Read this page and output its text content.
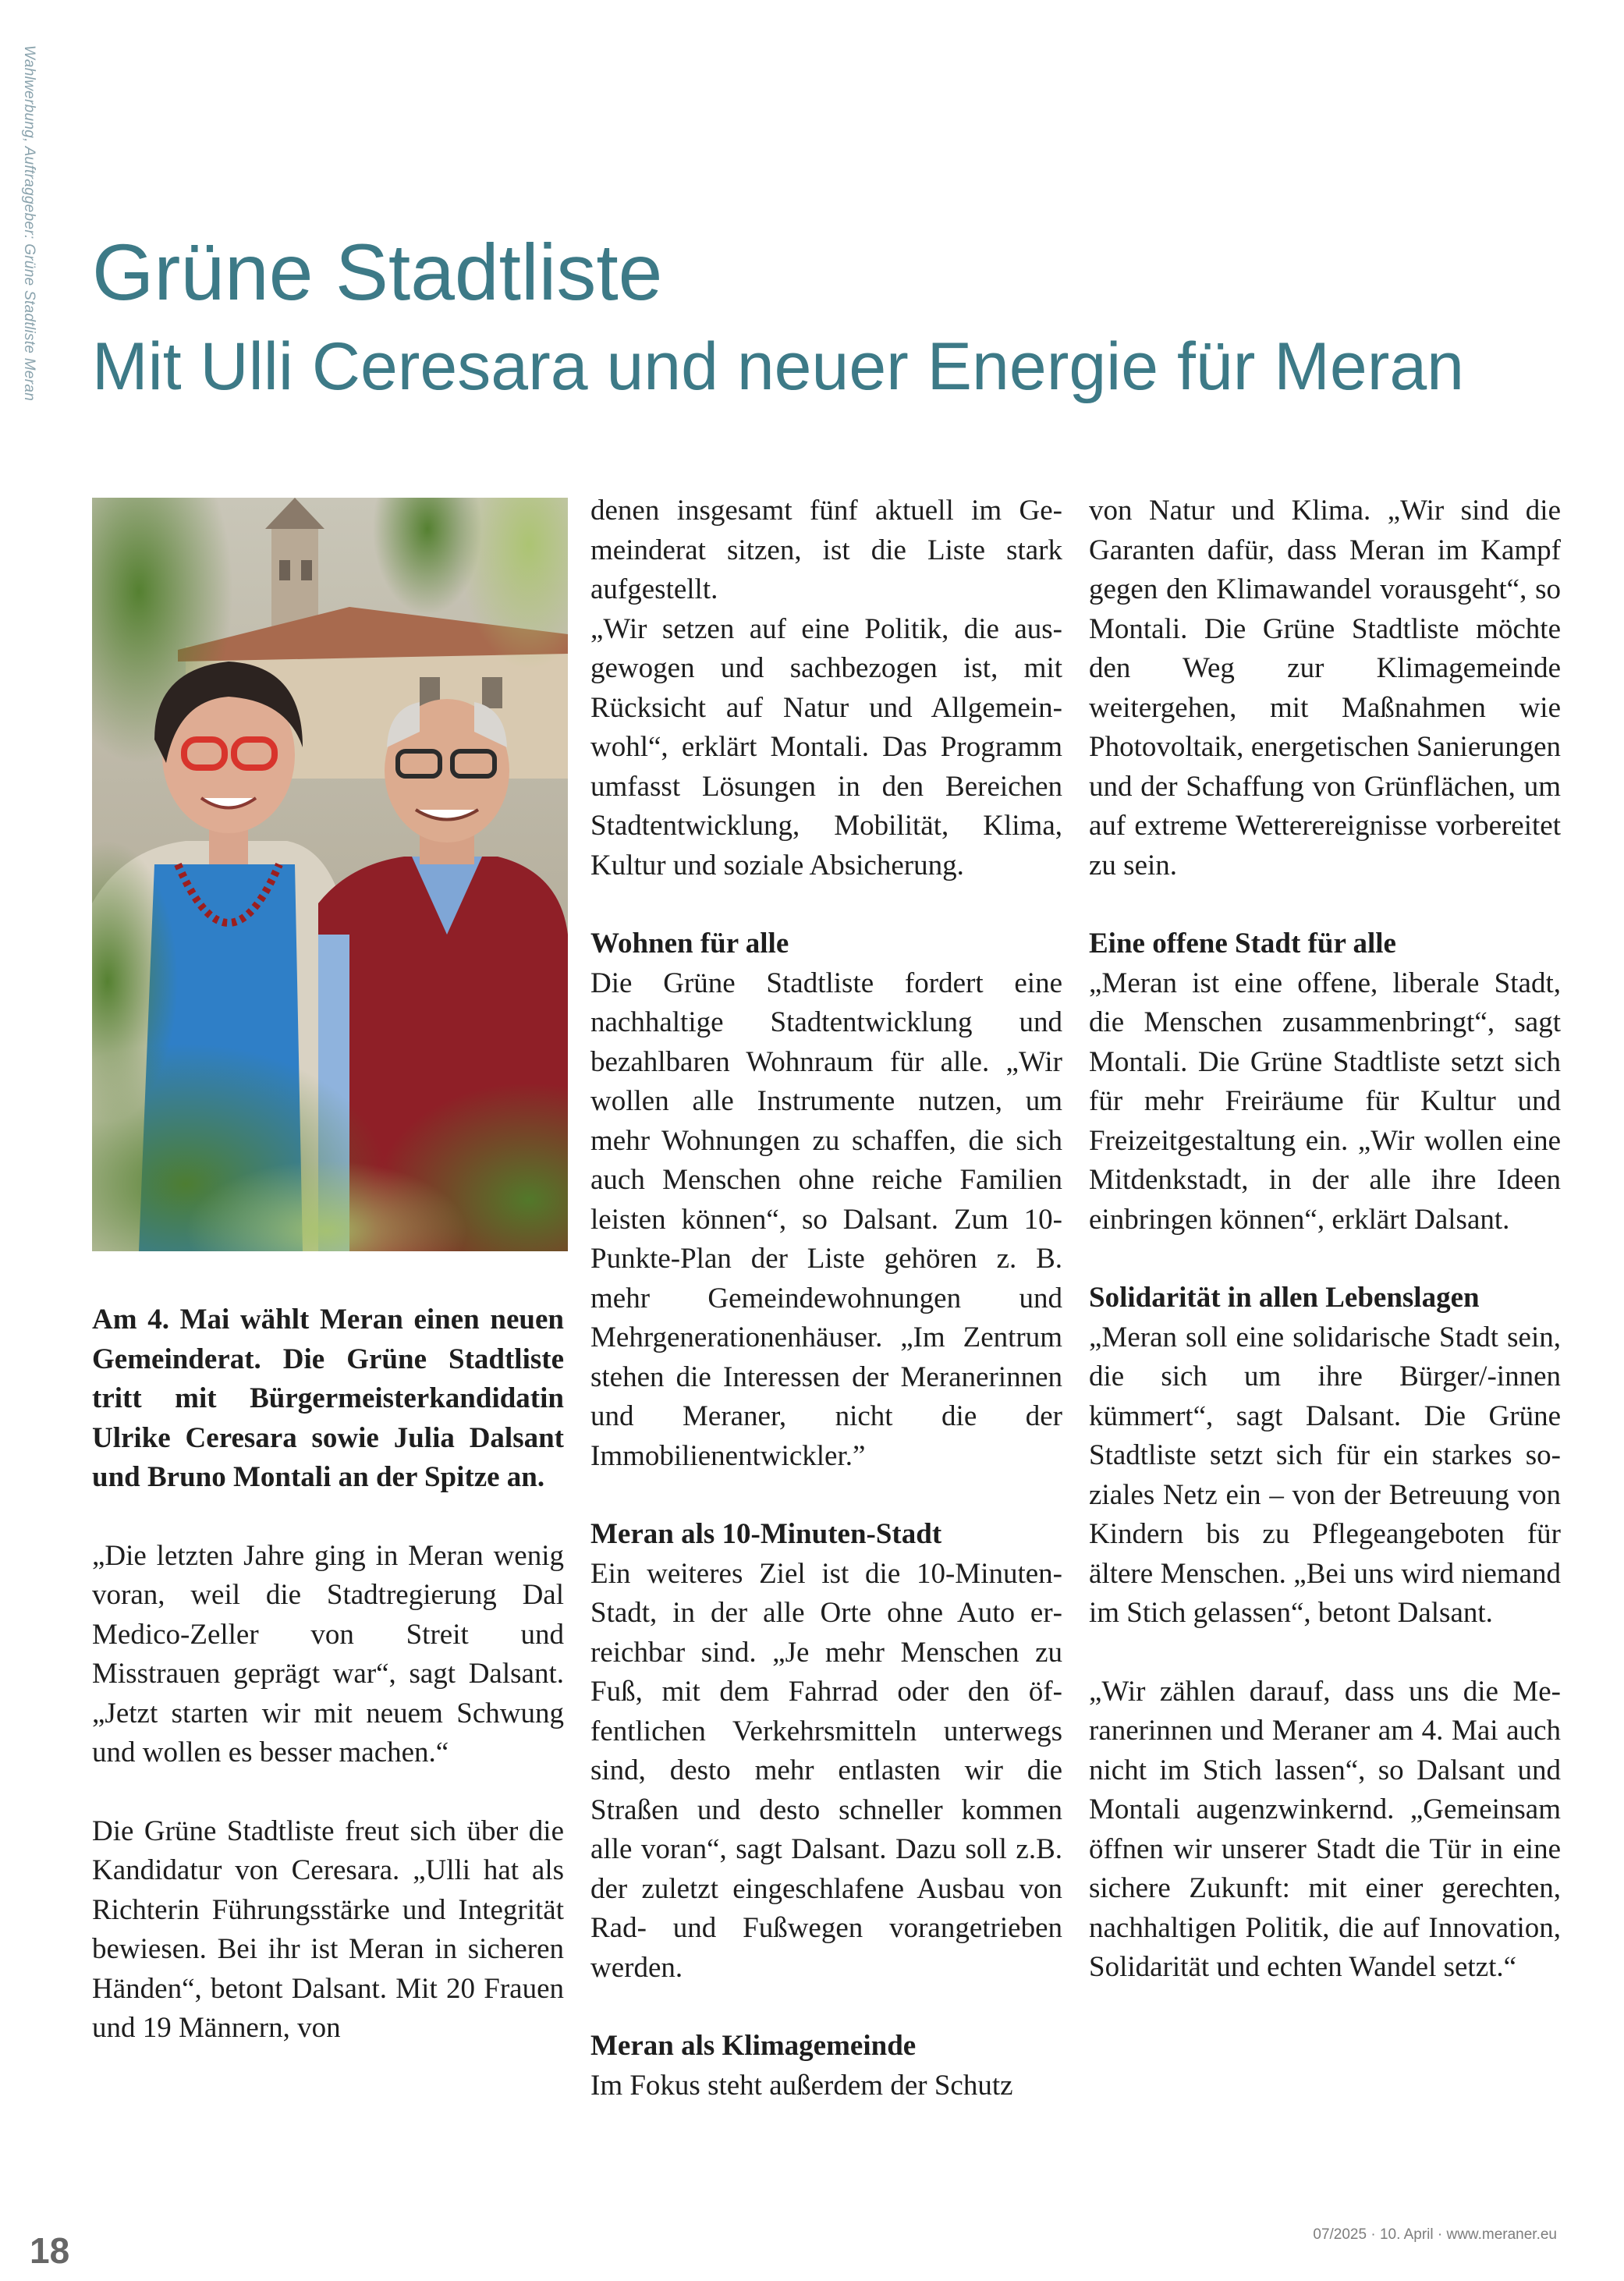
Wahlwerbung, Auftraggeber: Grüne Stadtliste Meran Grüne Stadtliste
Mit Ulli Ceresara und neuer Energie für Meran

Am 4. Mai wählt Meran einen neuen Gemeinderat. Die Grüne Stadtliste tritt mit Bürgermeisterkandidatin Ulrike Ceresara sowie Julia Dalsant und Bruno Montali an der Spitze an.

„Die letzten Jahre ging in Meran wenig voran, weil die Stadtregierung Dal Medico-Zeller von Streit und Misstrauen geprägt war“, sagt Dalsant. „Jetzt starten wir mit neuem Schwung und wollen es besser machen.“

Die Grüne Stadtliste freut sich über die Kandidatur von Ceresara. „Ulli hat als Richterin Führungsstärke und Integrität bewiesen. Bei ihr ist Meran in sicheren Händen“, betont Dalsant. Mit 20 Frauen und 19 Männern, von

denen insgesamt fünf aktuell im Gemeinderat sitzen, ist die Liste stark aufgestellt.

„Wir setzen auf eine Politik, die ausgewogen und sachbezogen ist, mit Rücksicht auf Natur und Allgemeinwohl“, erklärt Montali. Das Programm umfasst Lösungen in den Bereichen Stadtentwicklung, Mobilität, Klima, Kultur und soziale Absicherung.

Wohnen für alle

Die Grüne Stadtliste fordert eine nachhaltige Stadtentwicklung und bezahlbaren Wohnraum für alle. „Wir wollen alle Instrumente nutzen, um mehr Wohnungen zu schaffen, die sich auch Menschen ohne reiche Familien leisten können“, so Dalsant. Zum 10-Punkte-Plan der Liste gehören z. B. mehr Gemeindewohnungen und Mehrgenerationenhäuser. „Im Zentrum stehen die Interessen der Meranerinnen und Meraner, nicht die der Immobilienentwickler.”

Meran als 10-Minuten-Stadt

Ein weiteres Ziel ist die 10-Minuten-Stadt, in der alle Orte ohne Auto erreichbar sind. „Je mehr Menschen zu Fuß, mit dem Fahrrad oder den öffentlichen Verkehrsmitteln unterwegs sind, desto mehr entlasten wir die Straßen und desto schneller kommen alle voran“, sagt Dalsant. Dazu soll z.B. der zuletzt eingeschlafene Ausbau von Rad- und Fußwegen vorangetrieben werden.

Meran als Klimagemeinde

Im Fokus steht außerdem der Schutz

von Natur und Klima. „Wir sind die Garanten dafür, dass Meran im Kampf gegen den Klimawandel vorausgeht“, so Montali. Die Grüne Stadtliste möchte den Weg zur Klimagemeinde weitergehen, mit Maßnahmen wie Photovoltaik, energetischen Sanierungen und der Schaffung von Grünflächen, um auf extreme Wetterereignisse vorbereitet zu sein.

Eine offene Stadt für alle

„Meran ist eine offene, liberale Stadt, die Menschen zusammenbringt“, sagt Montali. Die Grüne Stadtliste setzt sich für mehr Freiräume für Kultur und Freizeitgestaltung ein. „Wir wollen eine Mitdenkstadt, in der alle ihre Ideen einbringen können“, erklärt Dalsant.

Solidarität in allen Lebenslagen

„Meran soll eine solidarische Stadt sein, die sich um ihre Bürger/-innen kümmert“, sagt Dalsant. Die Grüne Stadtliste setzt sich für ein starkes soziales Netz ein – von der Betreuung von Kindern bis zu Pflegeangeboten für ältere Menschen. „Bei uns wird niemand im Stich gelassen“, betont Dalsant.

„Wir zählen darauf, dass uns die Meranerinnen und Meraner am 4. Mai auch nicht im Stich lassen“, so Dalsant und Montali augenzwinkernd. „Gemeinsam öffnen wir unserer Stadt die Tür in eine sichere Zukunft: mit einer gerechten, nachhaltigen Politik, die auf Innovation, Solidarität und echten Wandel setzt.“

18	07/2025 · 10. April · www.meraner.eu
